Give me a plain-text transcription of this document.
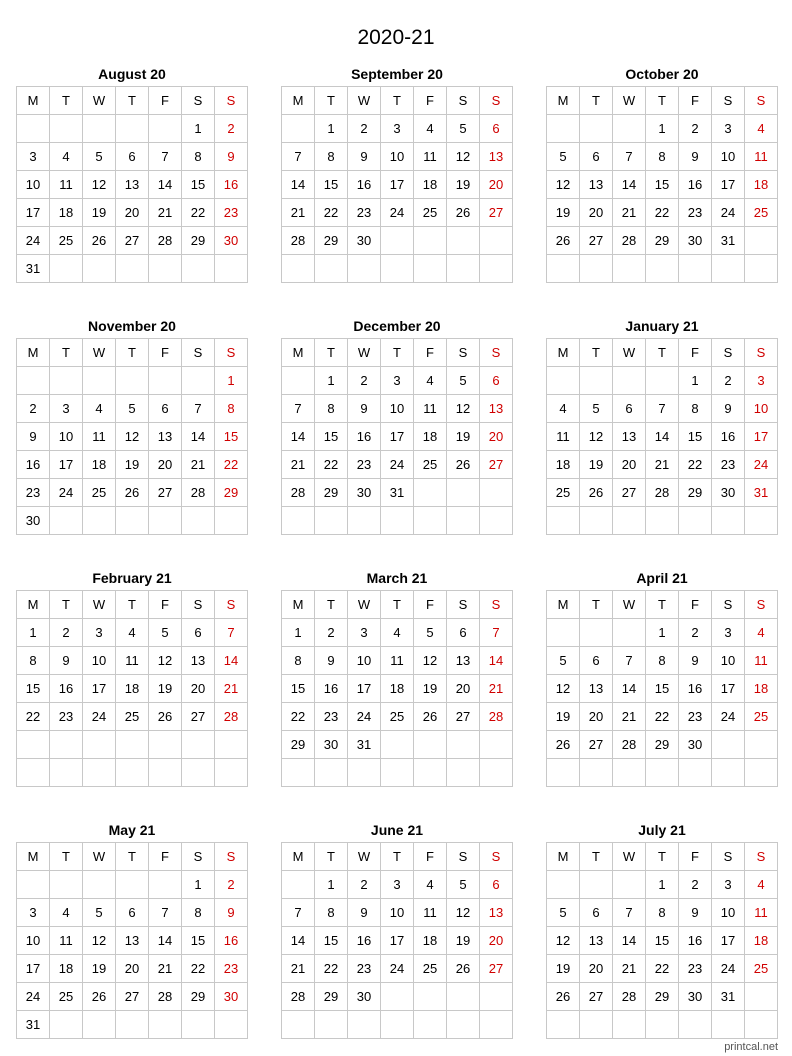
2020-21
August 20
M	T	W	T	F	S	S
					1	2
3	4	5	6	7	8	9
10	11	12	13	14	15	16
17	18	19	20	21	22	23
24	25	26	27	28	29	30
31						
September 20
M	T	W	T	F	S	S
	1	2	3	4	5	6
7	8	9	10	11	12	13
14	15	16	17	18	19	20
21	22	23	24	25	26	27
28	29	30				

October 20
M	T	W	T	F	S	S
			1	2	3	4
5	6	7	8	9	10	11
12	13	14	15	16	17	18
19	20	21	22	23	24	25
26	27	28	29	30	31	

November 20
M	T	W	T	F	S	S
						1
2	3	4	5	6	7	8
9	10	11	12	13	14	15
16	17	18	19	20	21	22
23	24	25	26	27	28	29
30						
December 20
M	T	W	T	F	S	S
	1	2	3	4	5	6
7	8	9	10	11	12	13
14	15	16	17	18	19	20
21	22	23	24	25	26	27
28	29	30	31			

January 21
M	T	W	T	F	S	S
				1	2	3
4	5	6	7	8	9	10
11	12	13	14	15	16	17
18	19	20	21	22	23	24
25	26	27	28	29	30	31

February 21
M	T	W	T	F	S	S
1	2	3	4	5	6	7
8	9	10	11	12	13	14
15	16	17	18	19	20	21
22	23	24	25	26	27	28

March 21
M	T	W	T	F	S	S
1	2	3	4	5	6	7
8	9	10	11	12	13	14
15	16	17	18	19	20	21
22	23	24	25	26	27	28
29	30	31				

April 21
M	T	W	T	F	S	S
			1	2	3	4
5	6	7	8	9	10	11
12	13	14	15	16	17	18
19	20	21	22	23	24	25
26	27	28	29	30		

May 21
M	T	W	T	F	S	S
					1	2
3	4	5	6	7	8	9
10	11	12	13	14	15	16
17	18	19	20	21	22	23
24	25	26	27	28	29	30
31						
June 21
M	T	W	T	F	S	S
	1	2	3	4	5	6
7	8	9	10	11	12	13
14	15	16	17	18	19	20
21	22	23	24	25	26	27
28	29	30				

July 21
M	T	W	T	F	S	S
			1	2	3	4
5	6	7	8	9	10	11
12	13	14	15	16	17	18
19	20	21	22	23	24	25
26	27	28	29	30	31	

printcal.net
